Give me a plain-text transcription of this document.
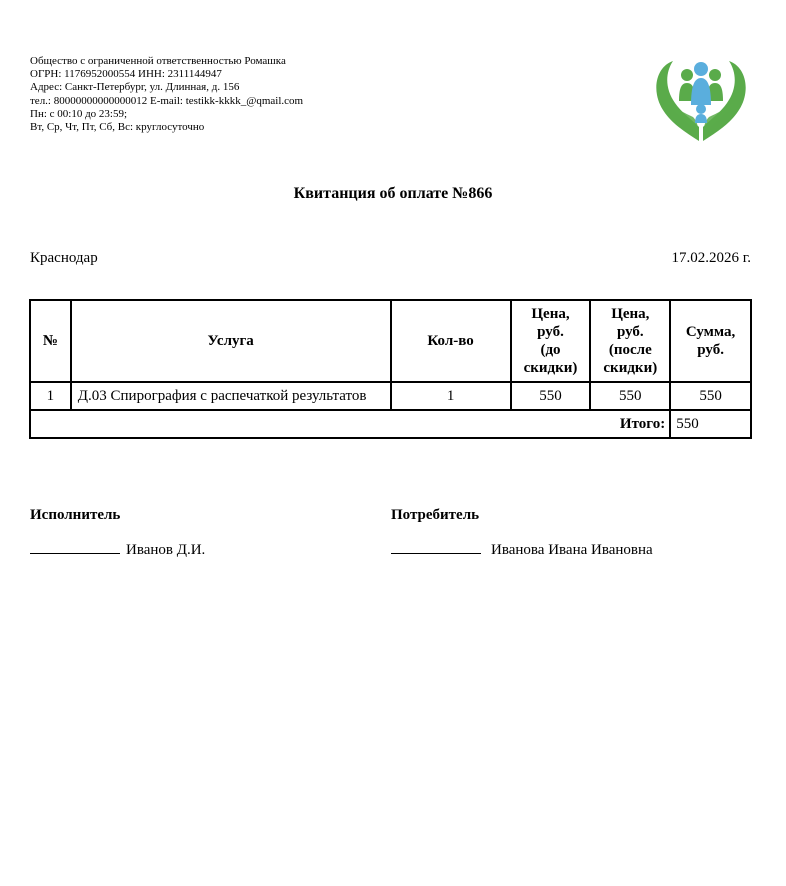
Общество с ограниченной ответственностью Ромашка
ОГРН: 1176952000554 ИНН: 2311144947
Адрес: Санкт-Петербург, ул. Длинная, д. 156
тел.: 80000000000000012 E-mail: testikk-kkkk_@qmail.com
Пн: с 00:10 до 23:59;
Вт, Ср, Чт, Пт, Сб, Вс: круглосуточно
Квитанция об оплате №866
Краснодар	17.02.2026 г.
№	Услуга	Кол-во	Цена,
руб.
(до
скидки)	Цена,
руб.
(после
скидки)	Сумма,
руб.
1	Д.03 Спирография с распечаткой результатов	1	550	550	550
Итого:					550
Исполнитель
Иванов Д.И.
Потребитель
Иванова Ивана Ивановна
